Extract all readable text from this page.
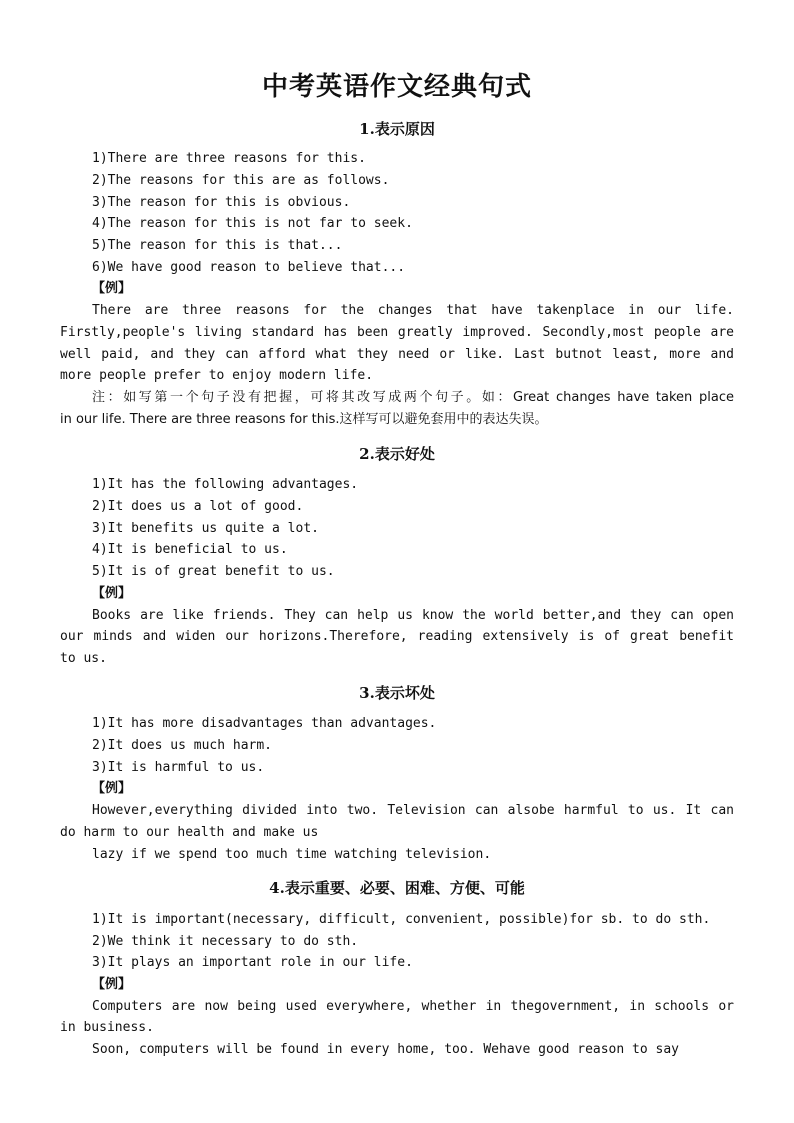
中考英语作文经典句式
1.表示原因
1)There are three reasons for this.
2)The reasons for this are as follows.
3)The reason for this is obvious.
4)The reason for this is not far to seek.
5)The reason for this is that...
6)We have good reason to believe that...
【例】
There are three reasons for the changes that have takenplace in our life.
Firstly,people's living standard has been greatly improved. Secondly,most people are
well paid, and they can afford what they need or like. Last butnot least, more and
more people prefer to enjoy modern life.
注：如写第一个句子没有把握，可将其改写成两个句子。如：Great changes have taken place
in our life. There are three reasons for this.这样写可以避免套用中的表达失误。
2.表示好处
1)It has the following advantages.
2)It does us a lot of good.
3)It benefits us quite a lot.
4)It is beneficial to us.
5)It is of great benefit to us.
【例】
Books are like friends. They can help us know the world better,and they can open
our minds and widen our horizons.Therefore, reading extensively is of great benefit
to us.
3.表示坏处
1)It has more disadvantages than advantages.
2)It does us much harm.
3)It is harmful to us.
【例】
However,everything divided into two. Television can alsobe harmful to us. It can
do harm to our health and make us
lazy if we spend too much time watching television.
4.表示重要、必要、困难、方便、可能
1)It is important(necessary, difficult, convenient, possible)for sb. to do sth.
2)We think it necessary to do sth.
3)It plays an important role in our life.
【例】
Computers are now being used everywhere, whether in thegovernment, in schools or
in business.
Soon, computers will be found in every home, too. Wehave good reason to say
